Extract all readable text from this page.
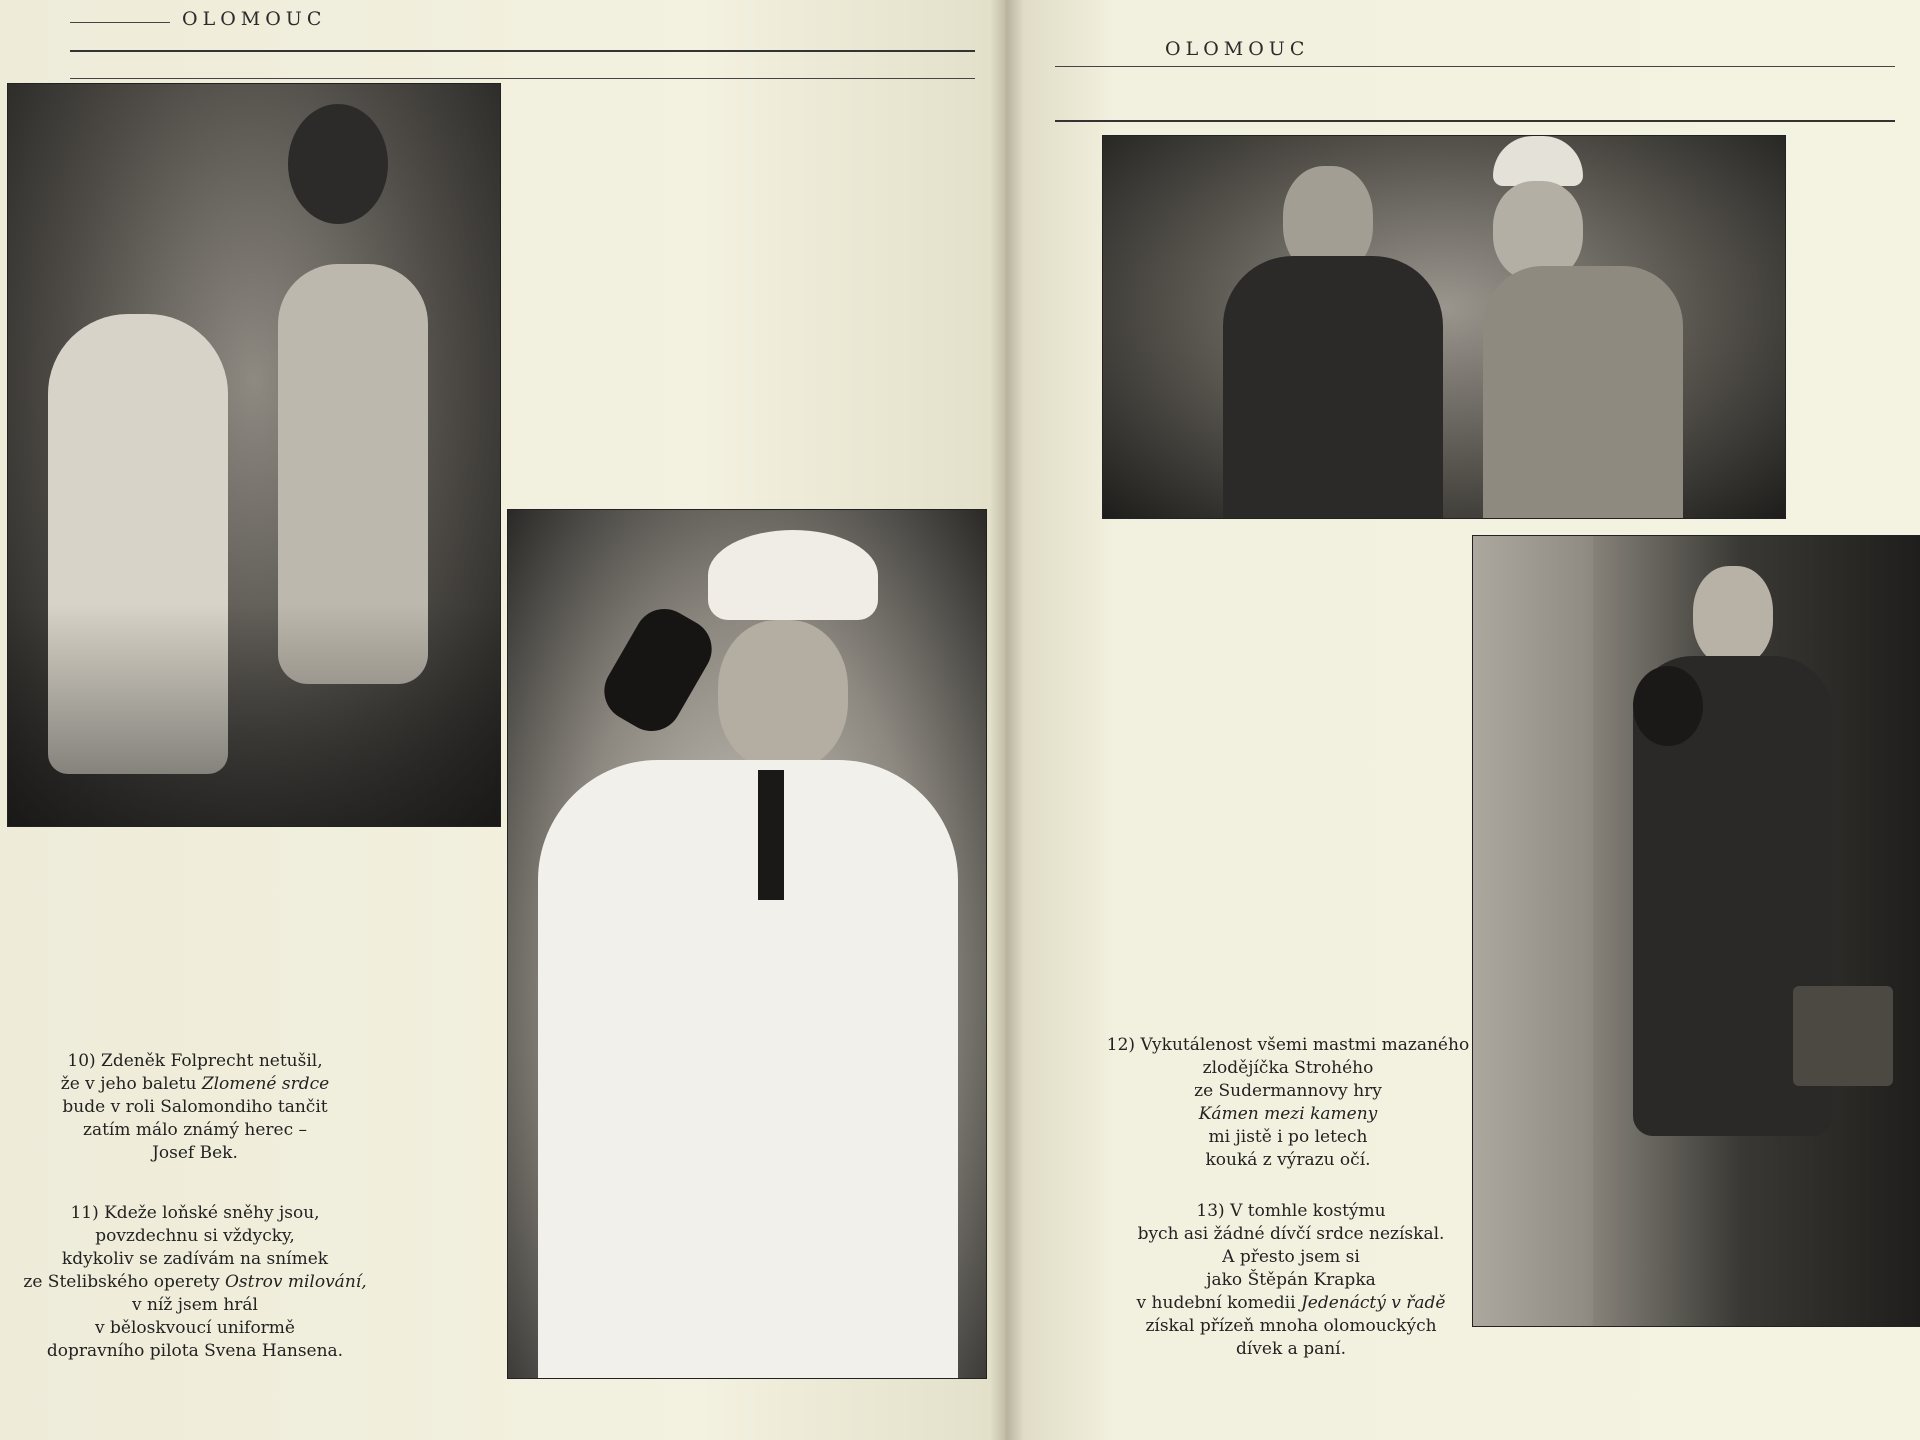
OLOMOUC

10) Zdeněk Folprecht netušil,

že v jeho baletu Zlomené srdce

bude v roli Salomondiho tančit

zatím málo známý herec –

Josef Bek.

11) Kdeže loňské sněhy jsou,

povzdechnu si vždycky,

kdykoliv se zadívám na snímek

ze Stelibského operety Ostrov milování,

v níž jsem hrál

v běloskvoucí uniformě

dopravního pilota Svena Hansena.

OLOMOUC

12) Vykutálenost všemi mastmi mazaného

zlodějíčka Strohého

ze Sudermannovy hry

Kámen mezi kameny

mi jistě i po letech

kouká z výrazu očí.

13) V tomhle kostýmu

bych asi žádné dívčí srdce nezískal.

A přesto jsem si

jako Štěpán Krapka

v hudební komedii Jedenáctý v řadě

získal přízeň mnoha olomouckých

dívek a paní.
